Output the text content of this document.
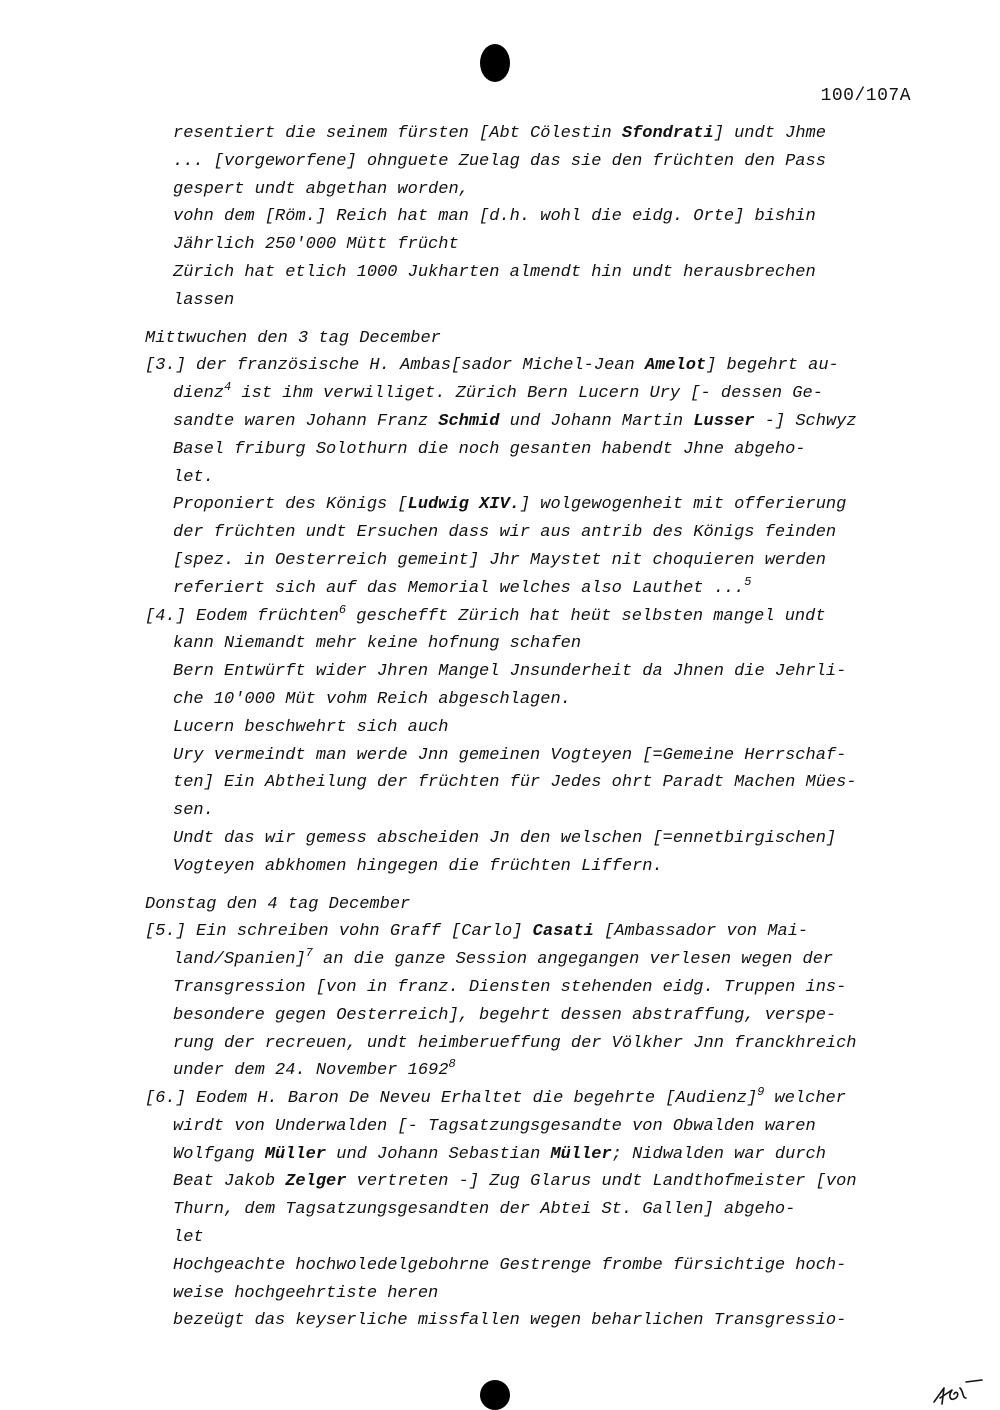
100/107A
resentiert die seinem fürsten [Abt Cölestin Sfondrati] undt Jhme
... [vorgeworfene] ohnguete Zuelag das sie den früchten den Pass
gespert undt abgethan worden,
vohn dem [Röm.] Reich hat man [d.h. wohl die eidg. Orte] bishin
Jährlich 250'000 Mütt frücht
Zürich hat etlich 1000 Jukharten almendt hin undt herausbrechen
lassen
Mittwuchen den 3 tag December
[3.] der französische H. Ambas[sador Michel-Jean Amelot] begehrt au-
dienz$^4$ ist ihm verwilliget. Zürich Bern Lucern Ury [- dessen Ge-
sandte waren Johann Franz Schmid und Johann Martin Lusser -] Schwyz
Basel friburg Solothurn die noch gesanten habendt Jhne abgeho-
let.
Proponiert des Königs [Ludwig XIV.] wolgewogenheit mit offerierung
der früchten undt Ersuchen dass wir aus antrib des Königs feinden
[spez. in Oesterreich gemeint] Jhr Maystet nit choquieren werden
referiert sich auf das Memorial welches also Lauthet ...$^5$
[4.] Eodem früchten$^6$ geschefft Zürich hat heüt selbsten mangel undt
kann Niemandt mehr keine hofnung schafen
Bern Entwürft wider Jhren Mangel Jnsunderheit da Jhnen die Jehrli-
che 10'000 Müt vohm Reich abgeschlagen.
Lucern beschwehrt sich auch
Ury vermeindt man werde Jnn gemeinen Vogteyen [=Gemeine Herrschaf-
ten] Ein Abtheilung der früchten für Jedes ohrt Paradt Machen Mües-
sen.
Undt das wir gemess abscheiden Jn den welschen [=ennetbirgischen]
Vogteyen abkhomen hingegen die früchten Liffern.
Donstag den 4 tag December
[5.] Ein schreiben vohn Graff [Carlo] Casati [Ambassador von Mai-
land/Spanien]$^7$ an die ganze Session angegangen verlesen wegen der
Transgression [von in franz. Diensten stehenden eidg. Truppen ins-
besondere gegen Oesterreich], begehrt dessen abstraffung, verspe-
rung der recreuen, undt heimberueffung der Völkher Jnn franckhreich
under dem 24. November 1692$^8$
[6.] Eodem H. Baron De Neveu Erhaltet die begehrte [Audienz]$^9$ welcher
wirdt von Underwalden [- Tagsatzungsgesandte von Obwalden waren
Wolfgang Müller und Johann Sebastian Müller; Nidwalden war durch
Beat Jakob Zelger vertreten -] Zug Glarus undt Landthofmeister [von
Thurn, dem Tagsatzungsgesandten der Abtei St. Gallen] abgeho-
let
Hochgeachte hochwoledelgebohrne Gestrenge frombe fürsichtige hoch-
weise hochgeehrtiste heren
bezeügt das keyserliche missfallen wegen beharlichen Transgressio-
